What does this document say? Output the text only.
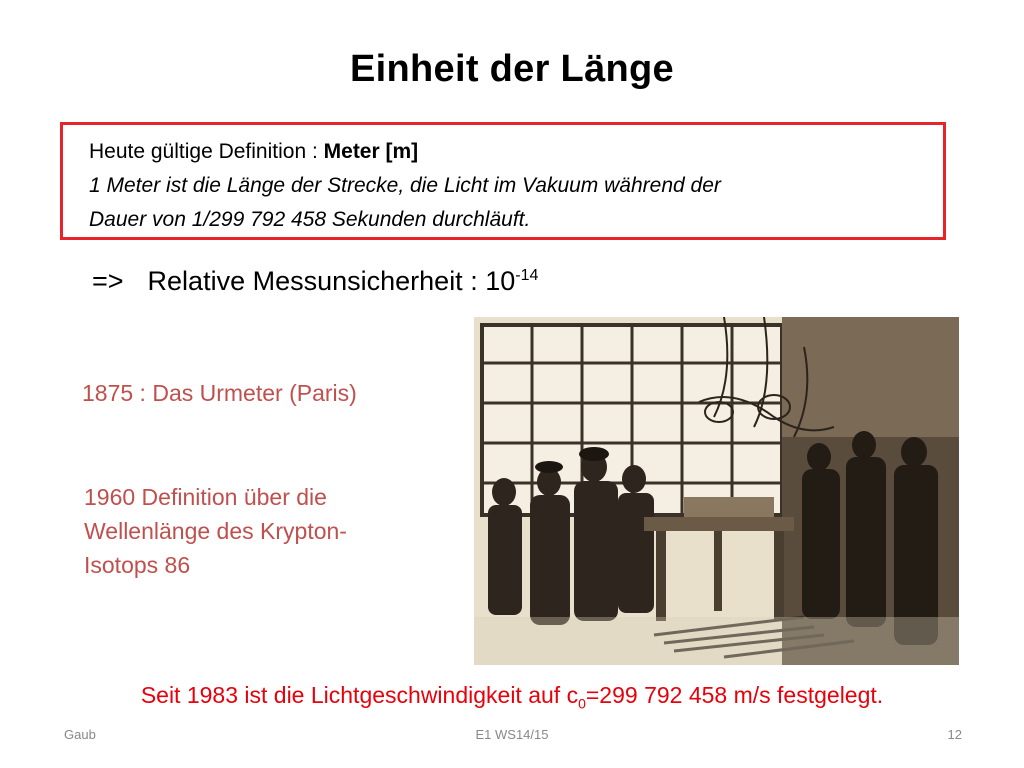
Einheit der Länge
Heute gültige Definition : Meter [m]
1 Meter ist die Länge der Strecke, die Licht im Vakuum während der
Dauer von 1/299 792 458 Sekunden durchläuft.
=> Relative Messunsicherheit : $10^{-14}$
1875 : Das Urmeter (Paris)
1960 Definition über die Wellenlänge des Krypton-Isotops 86
Seit 1983 ist die Lichtgeschwindigkeit auf $c_0=299$ 792 458 m/s festgelegt.
Gaub	E1 WS14/15	12
